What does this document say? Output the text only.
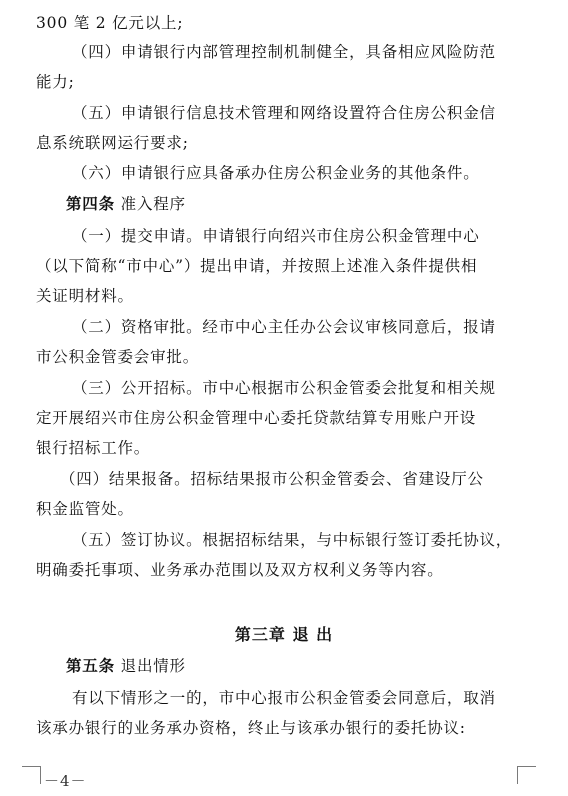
300 笔 2 亿元以上;
（四）申请银行内部管理控制机制健全，具备相应风险防范
能力;
（五）申请银行信息技术管理和网络设置符合住房公积金信
息系统联网运行要求;
（六）申请银行应具备承办住房公积金业务的其他条件。
第四条 准入程序
（一）提交申请。申请银行向绍兴市住房公积金管理中心
（以下简称“市中心”）提出申请，并按照上述准入条件提供相
关证明材料。
（二）资格审批。经市中心主任办公会议审核同意后，报请
市公积金管委会审批。
（三）公开招标。市中心根据市公积金管委会批复和相关规
定开展绍兴市住房公积金管理中心委托贷款结算专用账户开设
银行招标工作。
（四）结果报备。招标结果报市公积金管委会、省建设厅公
积金监管处。
（五）签订协议。根据招标结果，与中标银行签订委托协议，
明确委托事项、业务承办范围以及双方权利义务等内容。
第三章 退 出
第五条 退出情形
有以下情形之一的，市中心报市公积金管委会同意后，取消
该承办银行的业务承办资格，终止与该承办银行的委托协议:
－4－
